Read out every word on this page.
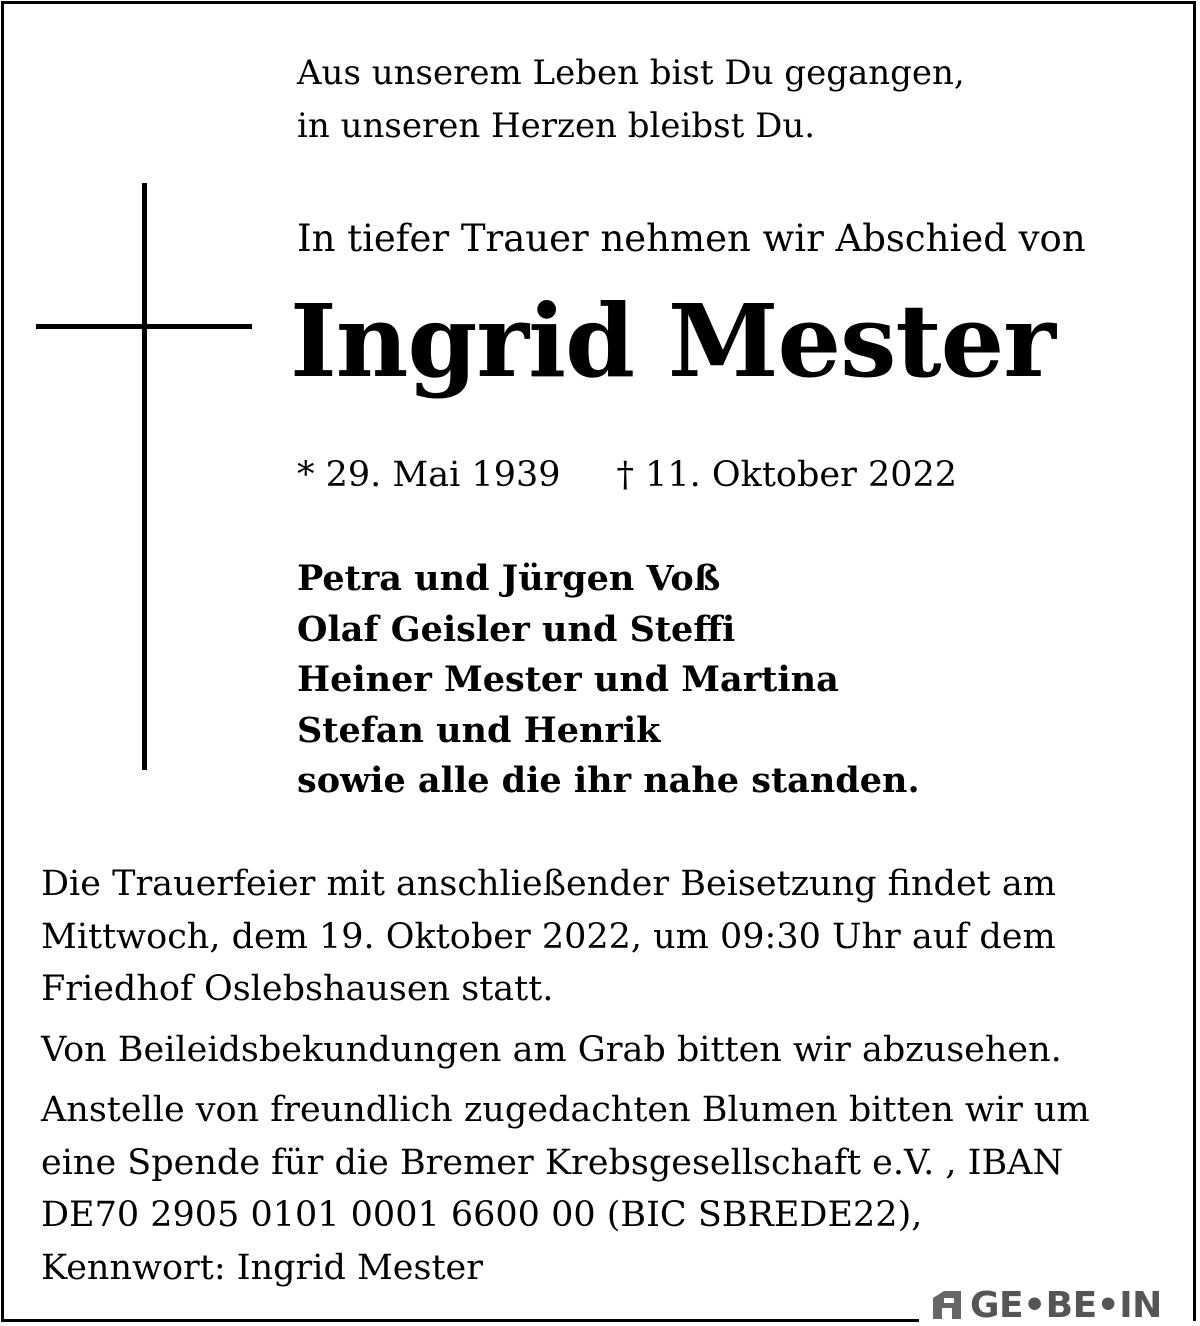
Aus unserem Leben bist Du gegangen,
in unseren Herzen bleibst Du.
In tiefer Trauer nehmen wir Abschied von
Ingrid Mester
* 29. Mai 1939 † 11. Oktober 2022
Petra und Jürgen Voß
Olaf Geisler und Steffi
Heiner Mester und Martina
Stefan und Henrik
sowie alle die ihr nahe standen.
Die Trauerfeier mit anschließender Beisetzung findet am
Mittwoch, dem 19. Oktober 2022, um 09:30 Uhr auf dem
Friedhof Oslebshausen statt.
Von Beileidsbekundungen am Grab bitten wir abzusehen.
Anstelle von freundlich zugedachten Blumen bitten wir um
eine Spende für die Bremer Krebsgesellschaft e.V. , IBAN
DE70 2905 0101 0001 6600 00 (BIC SBREDE22),
Kennwort: Ingrid Mester
GE•BE•IN
